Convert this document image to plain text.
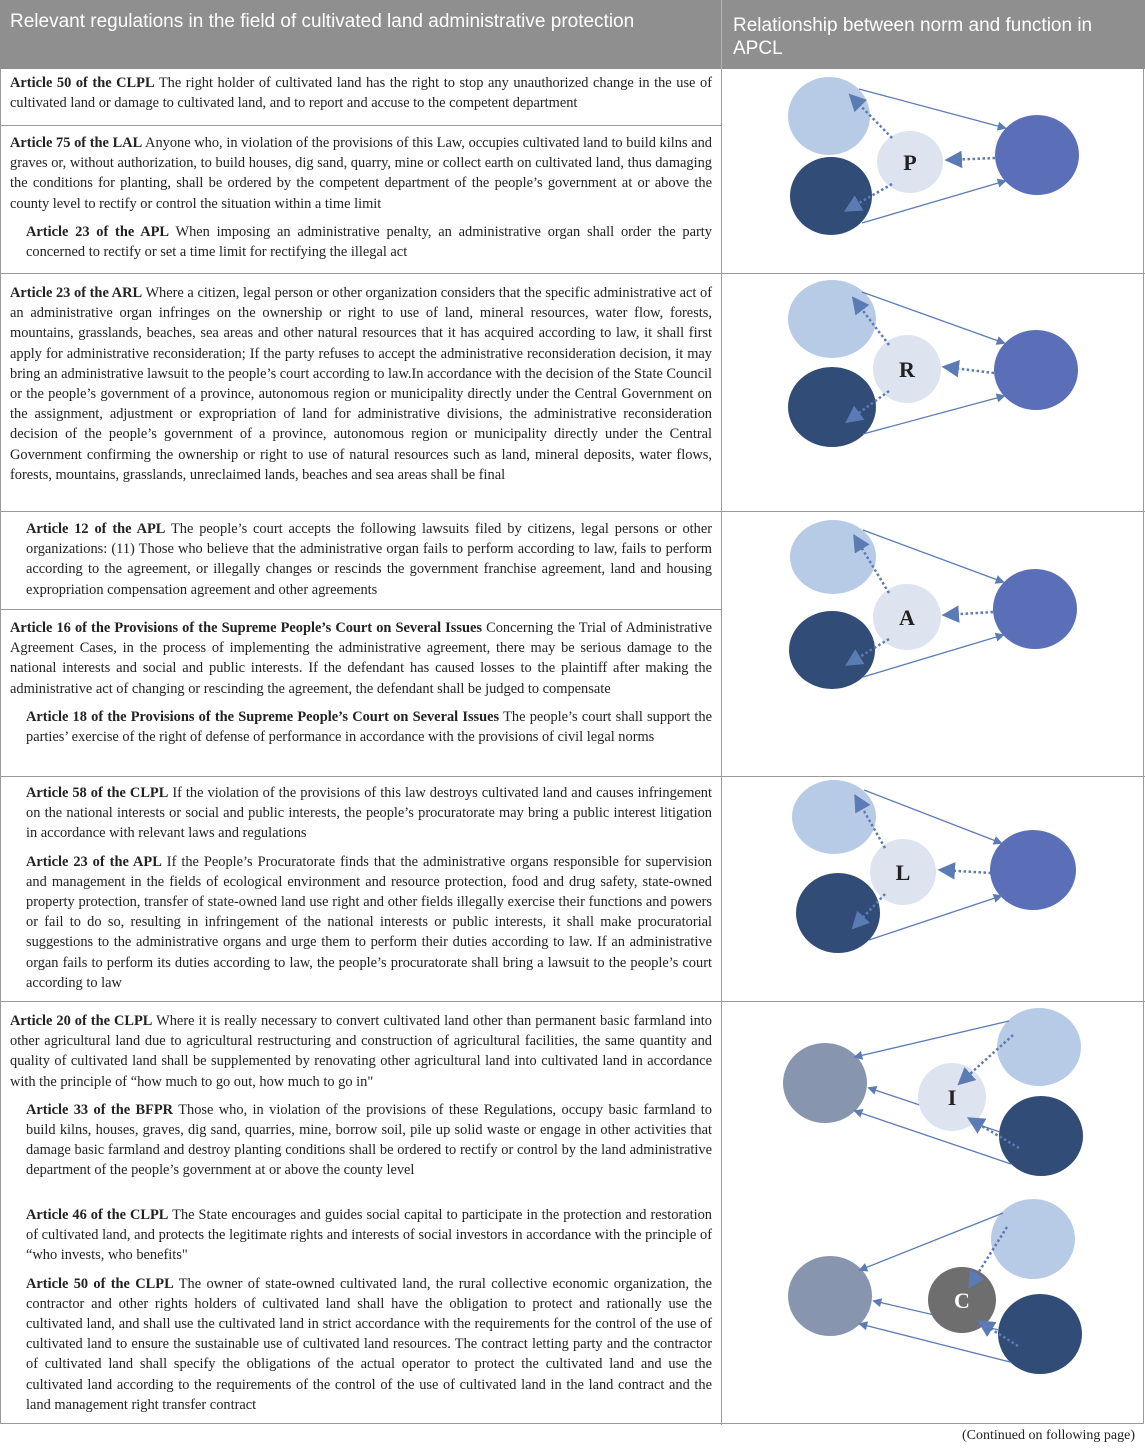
Relevant regulations in the field of cultivated land administrative protection	Relationship between norm and function in APCL

Article 50 of the CLPL The right holder of cultivated land has the right to stop any unauthorized change in the use of cultivated land or damage to cultivated land, and to report and accuse to the competent department

Article 75 of the LAL Anyone who, in violation of the provisions of this Law, occupies cultivated land to build kilns and graves or, without authorization, to build houses, dig sand, quarry, mine or collect earth on cultivated land, thus damaging the conditions for planting, shall be ordered by the competent department of the people’s government at or above the county level to rectify or control the situation within a time limit

Article 23 of the APL When imposing an administrative penalty, an administrative organ shall order the party concerned to rectify or set a time limit for rectifying the illegal act

Article 23 of the ARL Where a citizen, legal person or other organization considers that the specific administrative act of an administrative organ infringes on the ownership or right to use of land, mineral resources, water flow, forests, mountains, grasslands, beaches, sea areas and other natural resources that it has acquired according to law, it shall first apply for administrative reconsideration; If the party refuses to accept the administrative reconsideration decision, it may bring an administrative lawsuit to the people’s court according to law.In accordance with the decision of the State Council or the people’s government of a province, autonomous region or municipality directly under the Central Government on the assignment, adjustment or expropriation of land for administrative divisions, the administrative reconsideration decision of the people’s government of a province, autonomous region or municipality directly under the Central Government confirming the ownership or right to use of natural resources such as land, mineral deposits, water flows, forests, mountains, grasslands, unreclaimed lands, beaches and sea areas shall be final

Article 12 of the APL The people’s court accepts the following lawsuits filed by citizens, legal persons or other organizations: (11) Those who believe that the administrative organ fails to perform according to law, fails to perform according to the agreement, or illegally changes or rescinds the government franchise agreement, land and housing expropriation compensation agreement and other agreements

Article 16 of the Provisions of the Supreme People’s Court on Several Issues Concerning the Trial of Administrative Agreement Cases, in the process of implementing the administrative agreement, there may be serious damage to the national interests and social and public interests. If the defendant has caused losses to the plaintiff after making the administrative act of changing or rescinding the agreement, the defendant shall be judged to compensate

Article 18 of the Provisions of the Supreme People’s Court on Several Issues The people’s court shall support the parties’ exercise of the right of defense of performance in accordance with the provisions of civil legal norms

Article 58 of the CLPL If the violation of the provisions of this law destroys cultivated land and causes infringement on the national interests or social and public interests, the people’s procuratorate may bring a public interest litigation in accordance with relevant laws and regulations

Article 23 of the APL If the People’s Procuratorate finds that the administrative organs responsible for supervision and management in the fields of ecological environment and resource protection, food and drug safety, state-owned property protection, transfer of state-owned land use right and other fields illegally exercise their functions and powers or fail to do so, resulting in infringement of the national interests or public interests, it shall make procuratorial suggestions to the administrative organs and urge them to perform their duties according to law. If an administrative organ fails to perform its duties according to law, the people’s procuratorate shall bring a lawsuit to the people’s court according to law

Article 20 of the CLPL Where it is really necessary to convert cultivated land other than permanent basic farmland into other agricultural land due to agricultural restructuring and construction of agricultural facilities, the same quantity and quality of cultivated land shall be supplemented by renovating other agricultural land into cultivated land in accordance with the principle of “how much to go out, how much to go in"

Article 33 of the BFPR Those who, in violation of the provisions of these Regulations, occupy basic farmland to build kilns, houses, graves, dig sand, quarries, mine, borrow soil, pile up solid waste or engage in other activities that damage basic farmland and destroy planting conditions shall be ordered to rectify or control by the land administrative department of the people’s government at or above the county level

Article 46 of the CLPL The State encourages and guides social capital to participate in the protection and restoration of cultivated land, and protects the legitimate rights and interests of social investors in accordance with the principle of “who invests, who benefits"

Article 50 of the CLPL The owner of state-owned cultivated land, the rural collective economic organization, the contractor and other rights holders of cultivated land shall have the obligation to protect and rationally use the cultivated land, and shall use the cultivated land in strict accordance with the requirements for the control of the use of cultivated land to ensure the sustainable use of cultivated land resources. The contract letting party and the contractor of cultivated land shall specify the obligations of the actual operator to protect the cultivated land and use the cultivated land according to the requirements of the control of the use of cultivated land in the land contract and the land management right transfer contract

P
R
A
L
I
C
(Continued on following page)
